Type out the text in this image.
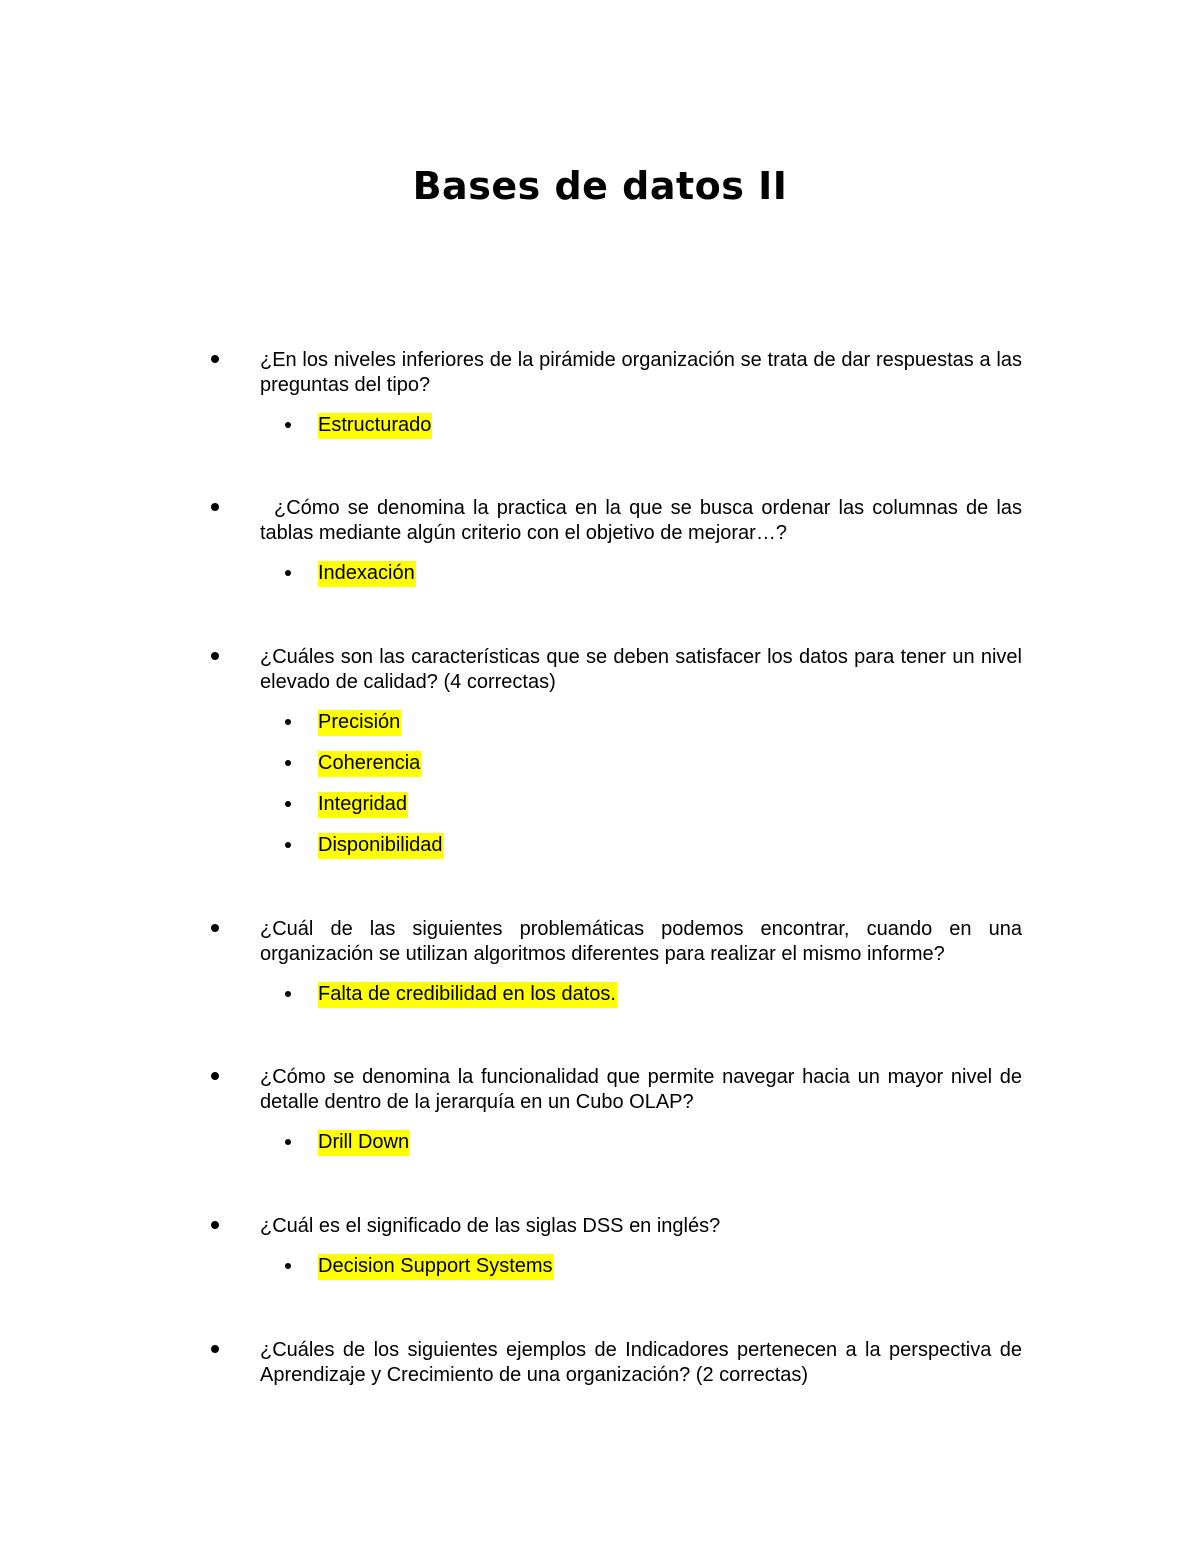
Bases de datos II
¿En los niveles inferiores de la pirámide organización se trata de dar respuestas a las preguntas del tipo?
Estructurado
¿Cómo se denomina la practica en la que se busca ordenar las columnas de las tablas mediante algún criterio con el objetivo de mejorar…?
Indexación
¿Cuáles son las características que se deben satisfacer los datos para tener un nivel elevado de calidad? (4 correctas)
Precisión
Coherencia
Integridad
Disponibilidad
¿Cuál de las siguientes problemáticas podemos encontrar, cuando en una organización se utilizan algoritmos diferentes para realizar el mismo informe?
Falta de credibilidad en los datos.
¿Cómo se denomina la funcionalidad que permite navegar hacia un mayor nivel de detalle dentro de la jerarquía en un Cubo OLAP?
Drill Down
¿Cuál es el significado de las siglas DSS en inglés?
Decision Support Systems
¿Cuáles de los siguientes ejemplos de Indicadores pertenecen a la perspectiva de Aprendizaje y Crecimiento de una organización? (2 correctas)
